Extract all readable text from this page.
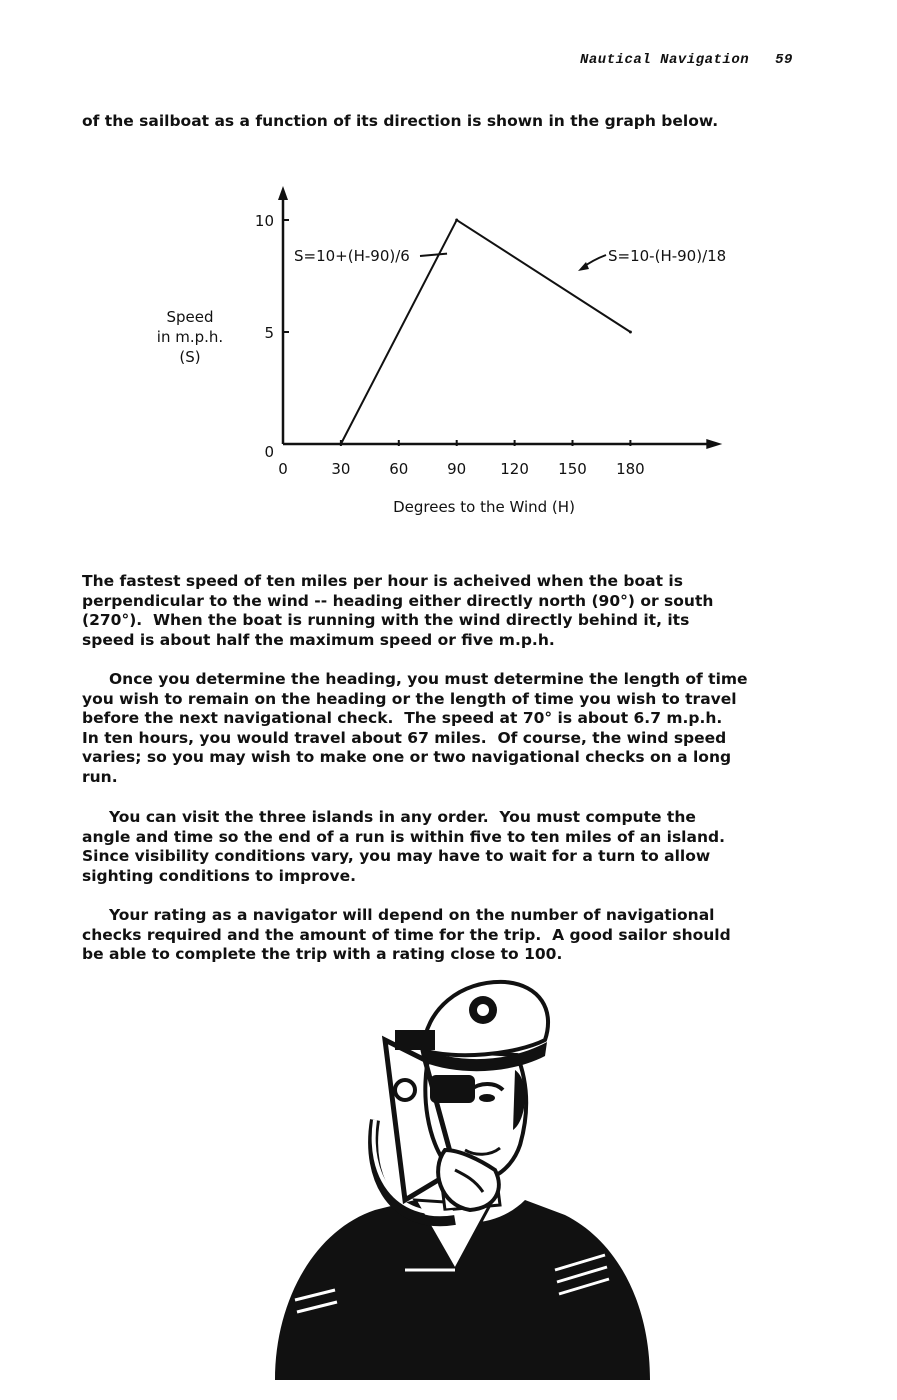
Nautical Navigation 59
of the sailboat as a function of its direction is shown in the graph below.
0	30	60	90 120 150 180
0
5
10
Speed
in m.p.h.
(S)
Degrees to the Wind (H)
S=10+(H-90)/6	S=10-(H-90)/18
The fastest speed of ten miles per hour is acheived when the boat is
perpendicular to the wind -- heading either directly north (90°) or south
(270°).  When the boat is running with the wind directly behind it, its
speed is about half the maximum speed or five m.p.h.
Once you determine the heading, you must determine the length of time
you wish to remain on the heading or the length of time you wish to travel
before the next navigational check.  The speed at 70° is about 6.7 m.p.h.
In ten hours, you would travel about 67 miles.  Of course, the wind speed
varies; so you may wish to make one or two navigational checks on a long
run.
You can visit the three islands in any order.  You must compute the
angle and time so the end of a run is within five to ten miles of an island.
Since visibility conditions vary, you may have to wait for a turn to allow
sighting conditions to improve.
Your rating as a navigator will depend on the number of navigational
checks required and the amount of time for the trip.  A good sailor should
be able to complete the trip with a rating close to 100.
